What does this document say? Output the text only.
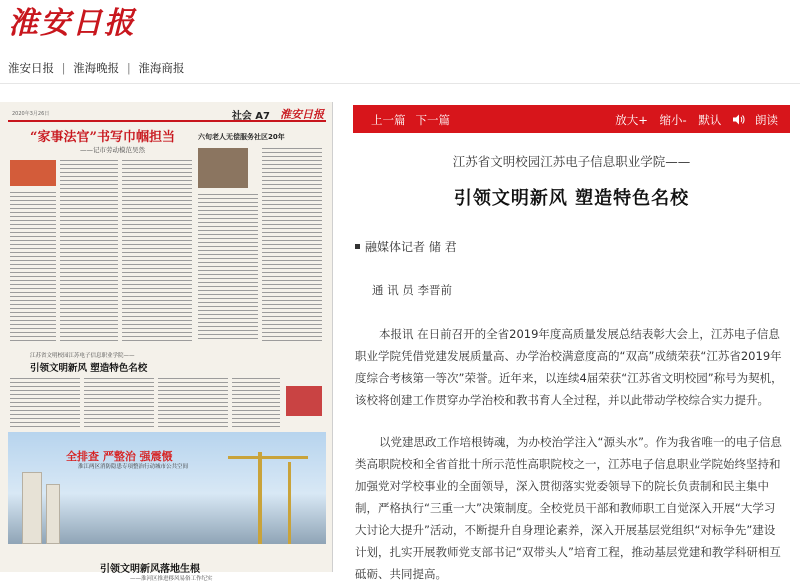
淮安日报
淮安日报 | 淮海晚报 | 淮海商报
2020年3月26日	社会 A7 淮安日报
“家事法官”书写巾帼担当
——记市劳动模范吴然
六旬老人无偿服务社区20年
江苏省文明校园江苏电子信息职业学院——
引领文明新风 塑造特色名校
全排查 严整治 强震慑
淮江两区消防隐患专项整治行动城市公共空间
引领文明新风落地生根
——淮河区推进移风易俗工作纪实
上一篇 下一篇	放大+ 缩小- 默认	朗读
江苏省文明校园江苏电子信息职业学院——
引领文明新风 塑造特色名校
融媒体记者 储 君
通 讯 员 李晋前

本报讯 在日前召开的全省2019年度高质量发展总结表彰大会上，江苏电子信息职业学院凭借党建发展质量高、办学治校满意度高的“双高”成绩荣获“江苏省2019年度综合考核第一等次”荣誉。近年来，以连续4届荣获“江苏省文明校园”称号为契机，该校将创建工作贯穿办学治校和教书育人全过程，并以此带动学校综合实力提升。

以党建思政工作培根铸魂，为办校治学注入“源头水”。作为我省唯一的电子信息类高职院校和全省首批十所示范性高职院校之一，江苏电子信息职业学院始终坚持和加强党对学校事业的全面领导，深入贯彻落实党委领导下的院长负责制和民主集中制，严格执行“三重一大”决策制度。全校党员干部和教师职工自觉深入开展“大学习大讨论大提升”活动，不断提升自身理论素养，深入开展基层党组织“对标争先”建设计划，扎实开展教师党支部书记“双带头人”培育工程，推动基层党建和教学科研相互砥砺、共同提高。
